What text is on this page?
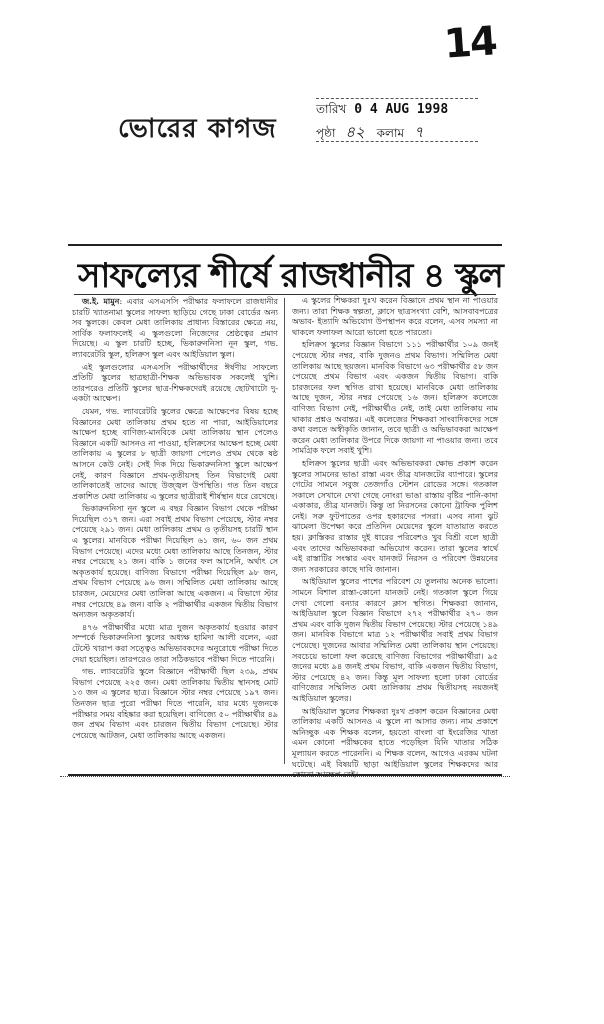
14
ভোরের কাগজ
তারিখ 0 4 AUG 1998
পৃষ্ঠা ৪২ কলাম ৭
সাফল্যের শীর্ষে রাজধানীর ৪ স্কুল

জ.ই. মামুন: এবার এসএসসি পরীক্ষার ফলাফলে রাজধানীর চারটি খ্যাতনামা স্কুলের সাফল্য ছাড়িয়ে গেছে ঢাকা বোর্ডের অন্য সব স্কুলকে। কেবল মেধা তালিকায় প্রাধান্য বিস্তারের ক্ষেত্রে নয়, সার্বিক ফলাফলেই এ স্কুলগুলো নিজেদের শ্রেষ্ঠত্বের প্রমাণ দিয়েছে। এ স্কুল চারটি হচ্ছে, ভিকারুননিসা নূন স্কুল, গভ. ল্যাবরেটরি স্কুল, হলিক্রস স্কুল এবং আইডিয়াল স্কুল।

এই স্কুলগুলোর এসএসসি পরীক্ষার্থীদের ঈর্ষণীয় সাফল্যে প্রতিটি স্কুলের ছাত্রছাত্রী-শিক্ষক অভিভাবক সকলেই খুশি। তারপরেও প্রতিটি স্কুলের ছাত্র-শিক্ষকদেরই রয়েছে ছোটখাটো দু-একটা আক্ষেপ।

যেমন, গভ. ল্যাবরেটরি স্কুলের ক্ষেত্রে আক্ষেপের বিষয় হচ্ছে বিজ্ঞানের মেধা তালিকায় প্রথম হতে না পারা, আইডিয়ালের আক্ষেপ হচ্ছে বাণিজ্য-মানবিকে মেধা তালিকায় স্থান পেলেও বিজ্ঞানে একটি আসনও না পাওয়া, হলিক্রসের আক্ষেপ হচ্ছে মেধা তালিকায় এ স্কুলের ৮ ছাত্রী জায়গা পেলেও প্রথম থেকে ষষ্ঠ আসনে কেউ নেই। সেই দিক দিয়ে ভিকারুননিসা স্কুলে আক্ষেপ নেই, কারণ বিজ্ঞানে প্রথম-তৃতীয়সহ তিন বিভাগেই মেধা তালিকাতেই তাদের আছে উজ্জ্বল উপস্থিতি। গত তিন বছরে প্রকাশিত মেধা তালিকায় এ স্কুলের ছাত্রীরাই শীর্ষস্থান ধরে রেখেছে।

ভিকারুননিসা নূন স্কুলে এ বছর বিজ্ঞান বিভাগ থেকে পরীক্ষা দিয়েছিল ৩১৭ জন। এরা সবাই প্রথম বিভাগ পেয়েছে, স্টার নম্বর পেয়েছে ২৯১ জন। মেধা তালিকায় প্রথম ও তৃতীয়সহ চারটি স্থান এ স্কুলের। মানবিকে পরীক্ষা দিয়েছিল ৬১ জন, ৬০ জন প্রথম বিভাগ পেয়েছে। এদের মধ্যে মেধা তালিকায় আছে তিনজন, স্টার নম্বর পেয়েছে ২১ জন। বাকি ১ জনের ফল আসেনি, অর্থাৎ সে অকৃতকার্য হয়েছে। বাণিজ্য বিভাগে পরীক্ষা দিয়েছিল ৯৮ জন, প্রথম বিভাগ পেয়েছে ৯৬ জন। সম্মিলিত মেধা তালিকায় আছে চারজন, মেয়েদের মেধা তালিকা আছে একজন। এ বিভাগে স্টার নম্বর পেয়েছে ৪৯ জন। বাকি ২ পরীক্ষার্থীর একজন দ্বিতীয় বিভাগ অন্যজন অকৃতকার্য।

৪৭৬ পরীক্ষার্থীর মধ্যে মাত্র দুজন অকৃতকার্য হওয়ার কারণ সম্পর্কে ভিকারুননিসা স্কুলের অধ্যক্ষ হামিদা আলী বলেন, এরা টেস্টে খারাপ করা সত্ত্বেও অভিভাবকদের অনুরোধে পরীক্ষা দিতে দেয়া হয়েছিল। তারপরেও তারা সঠিকভাবে পরীক্ষা দিতে পারেনি।

গভ. ল্যাবরেটরি স্কুলে বিজ্ঞানে পরীক্ষার্থী ছিল ২৩৯, প্রথম বিভাগ পেয়েছে ২২৫ জন। মেধা তালিকায় দ্বিতীয় স্থানসহ মোট ১৩ জন এ স্কুলের ছাত্র। বিজ্ঞানে স্টার নম্বর পেয়েছে ১৯৭ জন। তিনজন ছাত্র পুরো পরীক্ষা দিতে পারেনি, যার মধ্যে দুজনকে পরীক্ষার সময় বহিষ্কার করা হয়েছিল। বাণিজ্যে ৫০ পরীক্ষার্থীর ৪৯ জন প্রথম বিভাগ এবং চারজন দ্বিতীয় বিভাগ পেয়েছে। স্টার পেয়েছে আটজন, মেধা তালিকায় আছে একজন।

এ স্কুলের শিক্ষকরা দুঃখ করেন বিজ্ঞানে প্রথম স্থান না পাওয়ার জন্য। তারা শিক্ষক স্বল্পতা, ক্লাসে ছাত্রসংখ্যা বেশি, আসবাবপত্রের অভাব- ইত্যাদি অভিযোগ উপস্থাপন করে বলেন, এসব সমস্যা না থাকলে ফলাফল আরো ভালো হতে পারতো।

হলিক্রস স্কুলের বিজ্ঞান বিভাগে ১১১ পরীক্ষার্থীর ১০৯ জনই পেয়েছে স্টার নম্বর, বাকি দুজনও প্রথম বিভাগ। সম্মিলিত মেধা তালিকায় আছে ছয়জন। মানবিক বিভাগে ৬৩ পরীক্ষার্থীর ৫৮ জন পেয়েছে প্রথম বিভাগ এবং একজন দ্বিতীয় বিভাগ। বাকি চারজনের ফল স্থগিত রাখা হয়েছে। মানবিকে মেধা তালিকায় আছে দুজন, স্টার নম্বর পেয়েছে ১৬ জন। হলিক্রস কলেজে বাণিজ্য বিভাগ নেই, পরীক্ষার্থীও নেই, তাই মেধা তালিকায় নাম থাকার প্রশ্নও অবান্তর। এই কলেজের শিক্ষকরা সাংবাদিকদের সঙ্গে কথা বলতে অস্বীকৃতি জানান, তবে ছাত্রী ও অভিভাবকরা আক্ষেপ করেন মেধা তালিকার উপরে দিকে জায়গা না পাওয়ার জন্য। তবে সামগ্রিক ফলে সবাই খুশি।

হলিক্রস স্কুলের ছাত্রী এবং অভিভাবকরা ক্ষোভ প্রকাশ করেন স্কুলের সামনের ভাঙা রাস্তা এবং তীব্র যানজটের ব্যাপারে। স্কুলের গেটের সামনে সবুজ তেজগাঁও স্টেশন রোডের সঙ্গে। গতকাল সকালে সেখানে দেখা গেছে নোংরা ভাঙা রাস্তায় বৃষ্টির পানি-কাদা একাকার, তীব্র যানজট। কিন্তু তা নিরসনের কোনো ট্রাফিক পুলিশ নেই। সরু ফুটপাতের ওপর হকারদের পসরা। এসব নানা ঝুট ঝামেলা উপেক্ষা করে প্রতিদিন মেয়েদের স্কুলে যাতায়াত করতে হয়। ক্লাস্তিকর রাস্তার দুই ধারের পরিবেশও খুব বিশ্রী বলে ছাত্রী এবং তাদের অভিভাবকরা অভিযোগ করেন। তারা স্কুলের স্বার্থে এই রাস্তাটির সংস্কার এবং যানজট নিরসন ও পরিবেশ উন্নয়নের জন্য সরকারের কাছে দাবি জানান।

আইডিয়াল স্কুলের পাশের পরিবেশ যে তুলনায় অনেক ভালো। সামনে বিশাল রাস্তা-কোনো যানজট নেই। গতকাল স্কুলে গিয়ে দেখা গেলো বন্যার কারণে ক্লাস স্থগিত। শিক্ষকরা জানান, আইডিয়াল স্কুলে বিজ্ঞান বিভাগে ২৭২ পরীক্ষার্থীর ২৭০ জন প্রথম এবং বাকি দুজন দ্বিতীয় বিভাগ পেয়েছে। স্টার পেয়েছে ১৪৯ জন। মানবিক বিভাগে মাত্র ১২ পরীক্ষার্থীর সবাই প্রথম বিভাগ পেয়েছে। দুজনের আবার সম্মিলিত মেধা তালিকায় স্থান পেয়েছে। সবচেয়ে ভালো ফল করেছে বাণিজ্য বিভাগের পরীক্ষার্থীরা। ৯৫ জনের মধ্যে ৯৪ জনই প্রথম বিভাগ, বাকি একজন দ্বিতীয় বিভাগ, স্টার পেয়েছে ৪২ জন। কিন্তু মূল সাফল্য হলো ঢাকা বোর্ডের বাণিজ্যের সম্মিলিত মেধা তালিকায় প্রথম দ্বিতীয়সহ নয়জনই আইডিয়াল স্কুলের।

আইডিয়াল স্কুলের শিক্ষকরা দুঃখ প্রকাশ করেন বিজ্ঞানের মেধা তালিকায় একটি আসনও এ স্কুলে না আসার জন্য। নাম প্রকাশে অনিচ্ছুক এক শিক্ষক বলেন, হয়তো বাংলা বা ইংরেজির খাতা এমন কোনো পরীক্ষকের হাতে পড়েছিল যিনি খাতার সঠিক মূল্যায়ন করতে পারেননি। এ শিক্ষক বলেন, আগেও এরকম ঘটনা ঘটেছে। এই বিষয়টি ছাড়া আইডিয়াল স্কুলের শিক্ষকদের আর কোনো আক্ষেপ নেই।
